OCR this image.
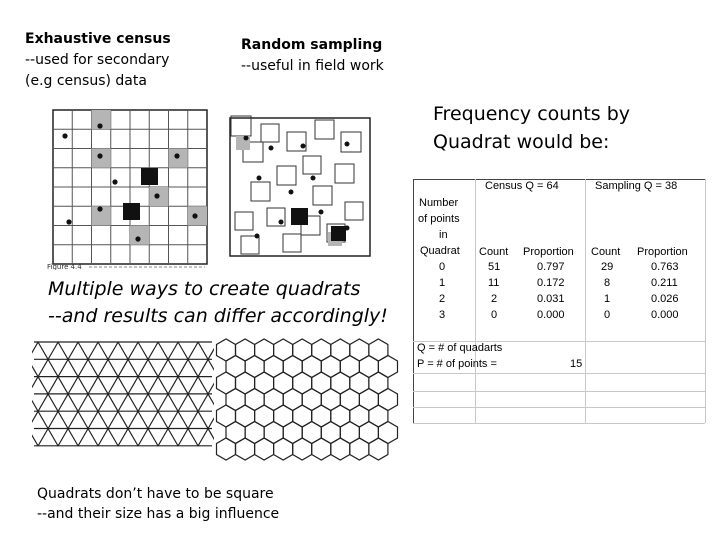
Exhaustive census
--used for secondary
(e.g census) data
Random sampling
--useful in field work
Frequency counts by
Quadrat would be:
Figure 4.4
Multiple ways to create quadrats
--and results can differ accordingly!
Quadrats don’t have to be square
--and their size has a big influence
Census Q = 64	Sampling Q = 38
Number
of points
in
Quadrat Count Proportion Count Proportion
0	51	0.797	29	0.763
1	11	0.172	8	0.211
2	2	0.031	1	0.026
3	0	0.000	0	0.000
Q = # of quadarts
P = # of points =	15
